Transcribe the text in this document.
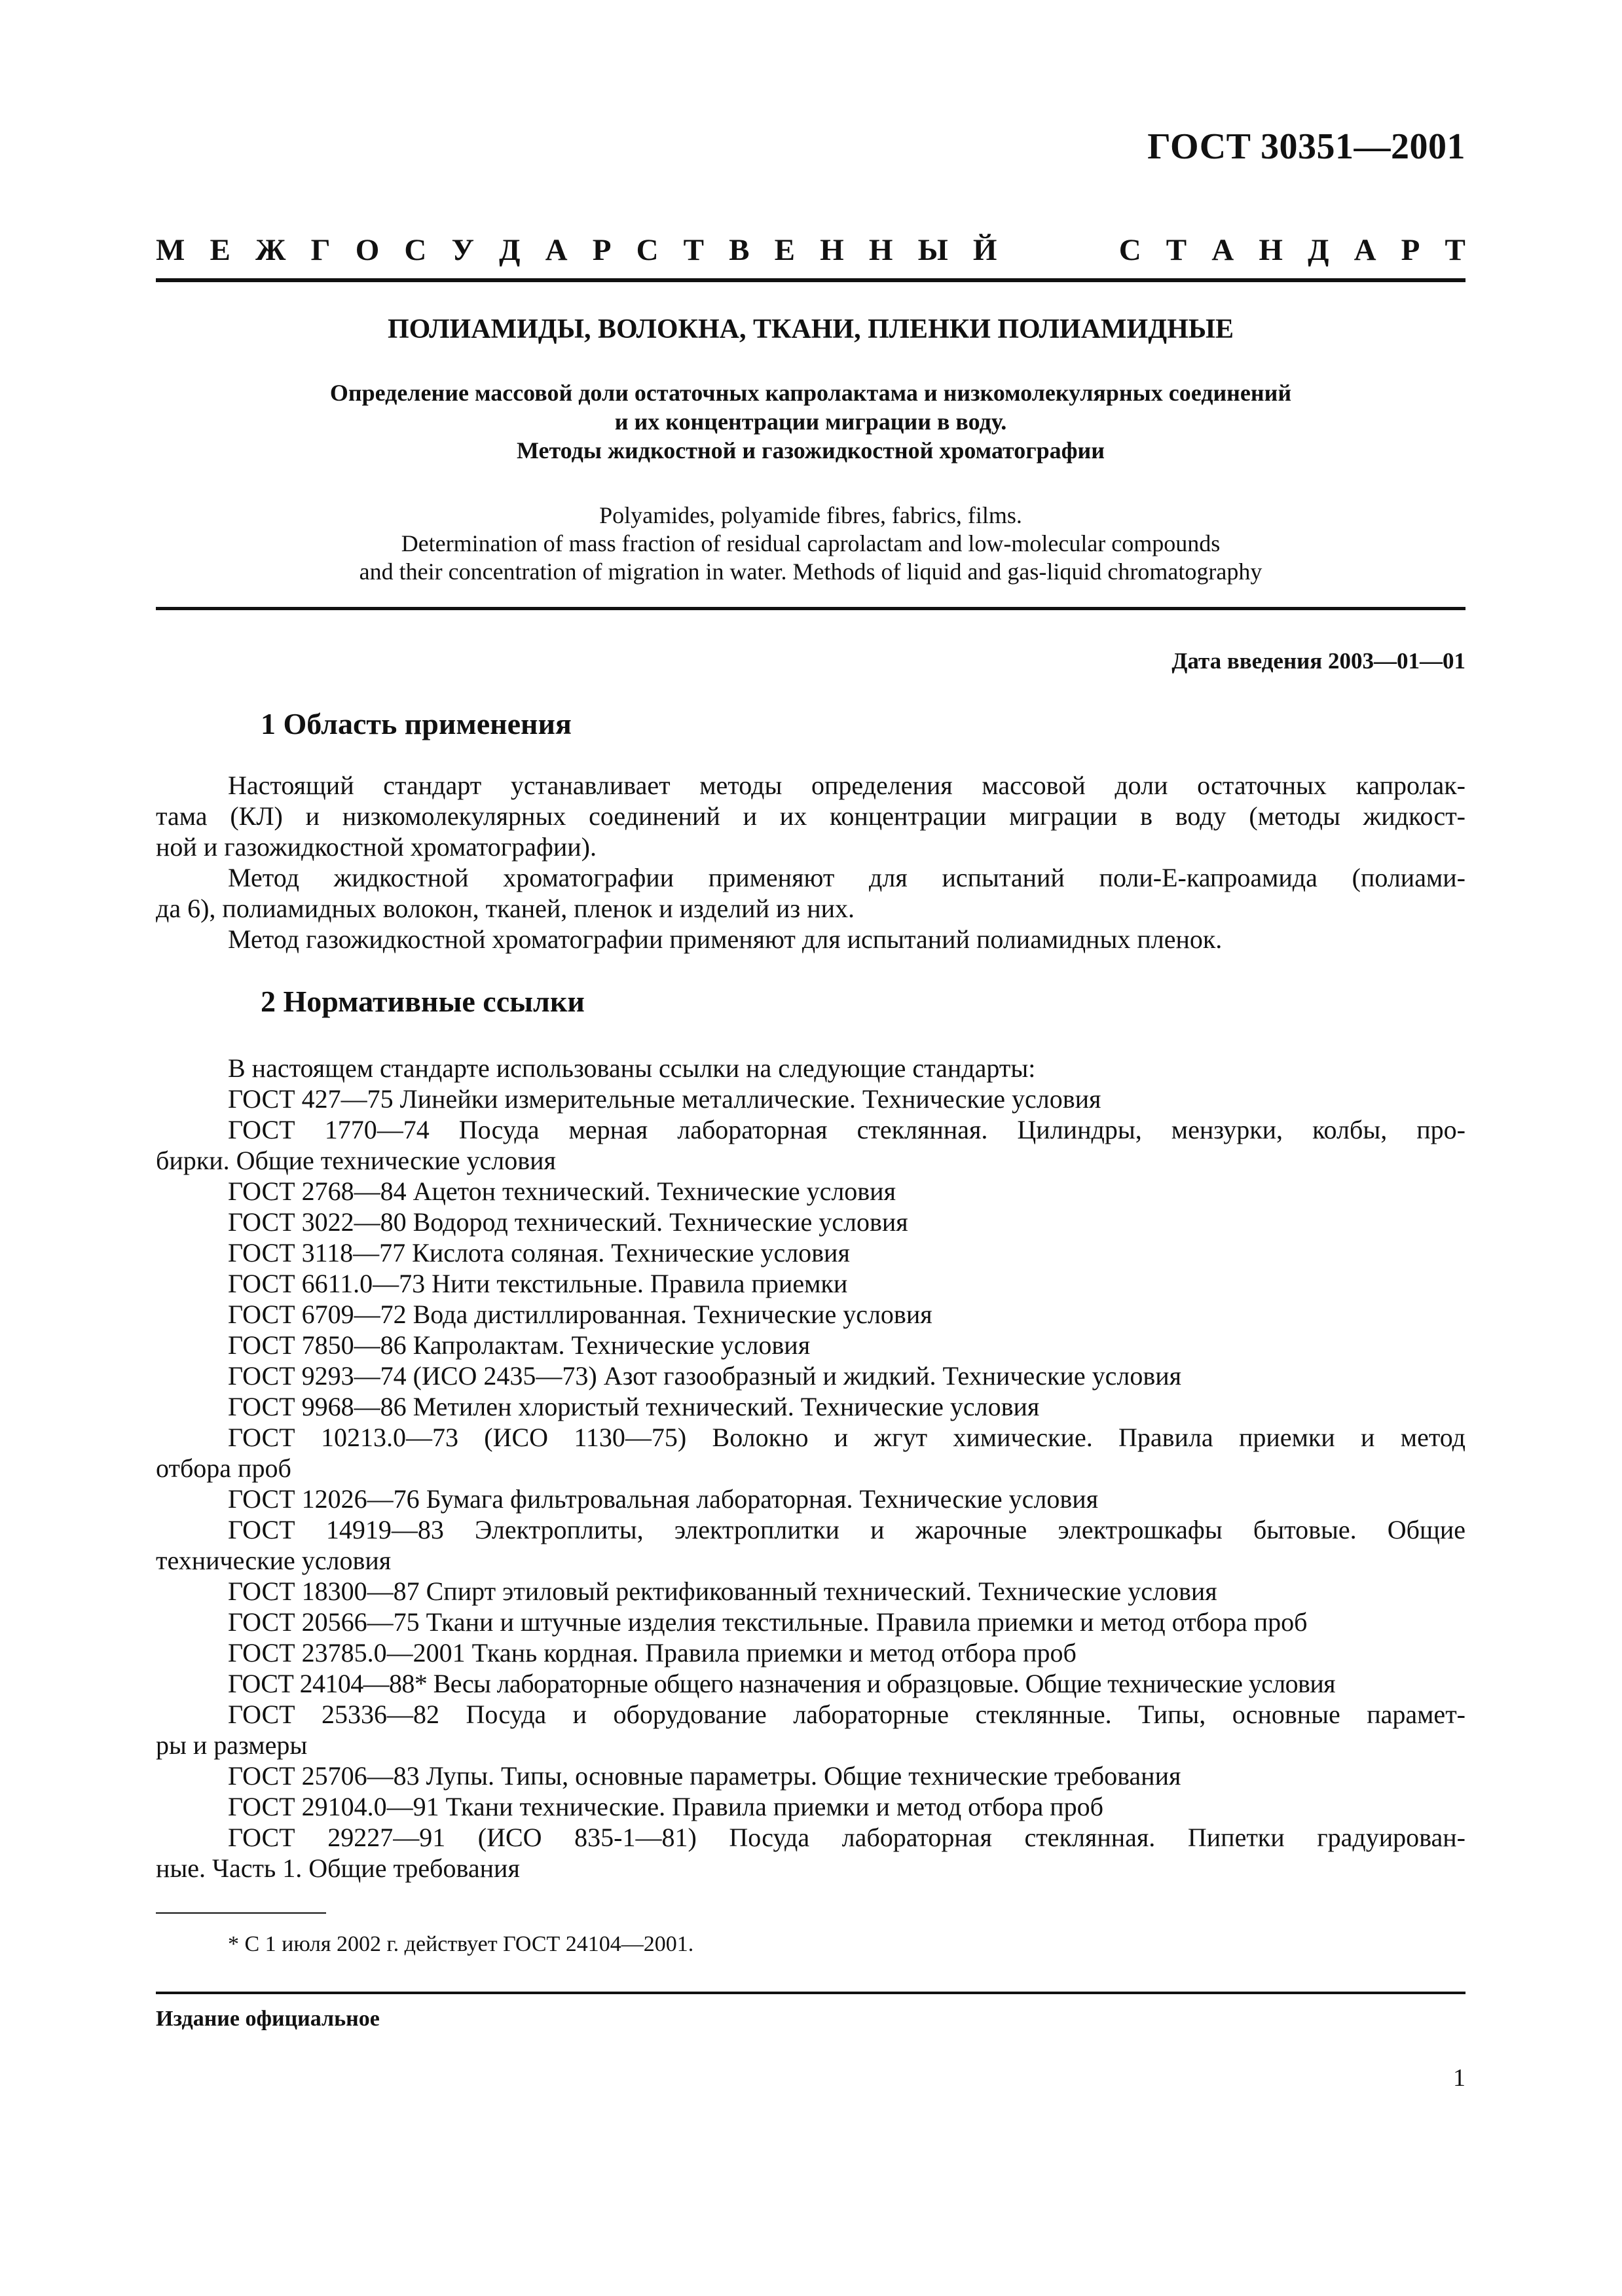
ГОСТ 30351—2001
М Е Ж Г О С У Д А Р С Т В Е Н Н Ы Й	С Т А Н Д А Р Т
ПОЛИАМИДЫ, ВОЛОКНА, ТКАНИ, ПЛЕНКИ ПОЛИАМИДНЫЕ
Определение массовой доли остаточных капролактама и низкомолекулярных соединений
и их концентрации миграции в воду.
Методы жидкостной и газожидкостной хроматографии
Polyamides, polyamide fibres, fabrics, films.
Determination of mass fraction of residual caprolactam and low-molecular compounds
and their concentration of migration in water. Methods of liquid and gas-liquid chromatography
Дата введения 2003—01—01
1 Область применения

Настоящий стандарт устанавливает методы определения массовой доли остаточных капролак-

тама (КЛ) и низкомолекулярных соединений и их концентрации миграции в воду (методы жидкост-

ной и газожидкостной хроматографии).

Метод жидкостной хроматографии применяют для испытаний поли-Е-капроамида (полиами-

да 6), полиамидных волокон, тканей, пленок и изделий из них.

Метод газожидкостной хроматографии применяют для испытаний полиамидных пленок.

2 Нормативные ссылки

В настоящем стандарте использованы ссылки на следующие стандарты:

ГОСТ 427—75 Линейки измерительные металлические. Технические условия

ГОСТ 1770—74 Посуда мерная лабораторная стеклянная. Цилиндры, мензурки, колбы, про-

бирки. Общие технические условия

ГОСТ 2768—84 Ацетон технический. Технические условия

ГОСТ 3022—80 Водород технический. Технические условия

ГОСТ 3118—77 Кислота соляная. Технические условия

ГОСТ 6611.0—73 Нити текстильные. Правила приемки

ГОСТ 6709—72 Вода дистиллированная. Технические условия

ГОСТ 7850—86 Капролактам. Технические условия

ГОСТ 9293—74 (ИСО 2435—73) Азот газообразный и жидкий. Технические условия

ГОСТ 9968—86 Метилен хлористый технический. Технические условия

ГОСТ 10213.0—73 (ИСО 1130—75) Волокно и жгут химические. Правила приемки и метод

отбора проб

ГОСТ 12026—76 Бумага фильтровальная лабораторная. Технические условия

ГОСТ 14919—83 Электроплиты, электроплитки и жарочные электрошкафы бытовые. Общие

технические условия

ГОСТ 18300—87 Спирт этиловый ректификованный технический. Технические условия

ГОСТ 20566—75 Ткани и штучные изделия текстильные. Правила приемки и метод отбора проб

ГОСТ 23785.0—2001 Ткань кордная. Правила приемки и метод отбора проб

ГОСТ 24104—88* Весы лабораторные общего назначения и образцовые. Общие технические условия

ГОСТ 25336—82 Посуда и оборудование лабораторные стеклянные. Типы, основные парамет-

ры и размеры

ГОСТ 25706—83 Лупы. Типы, основные параметры. Общие технические требования

ГОСТ 29104.0—91 Ткани технические. Правила приемки и метод отбора проб

ГОСТ 29227—91 (ИСО 835-1—81) Посуда лабораторная стеклянная. Пипетки градуирован-

ные. Часть 1. Общие требования

* С 1 июля 2002 г. действует ГОСТ 24104—2001.
Издание официальное
1
